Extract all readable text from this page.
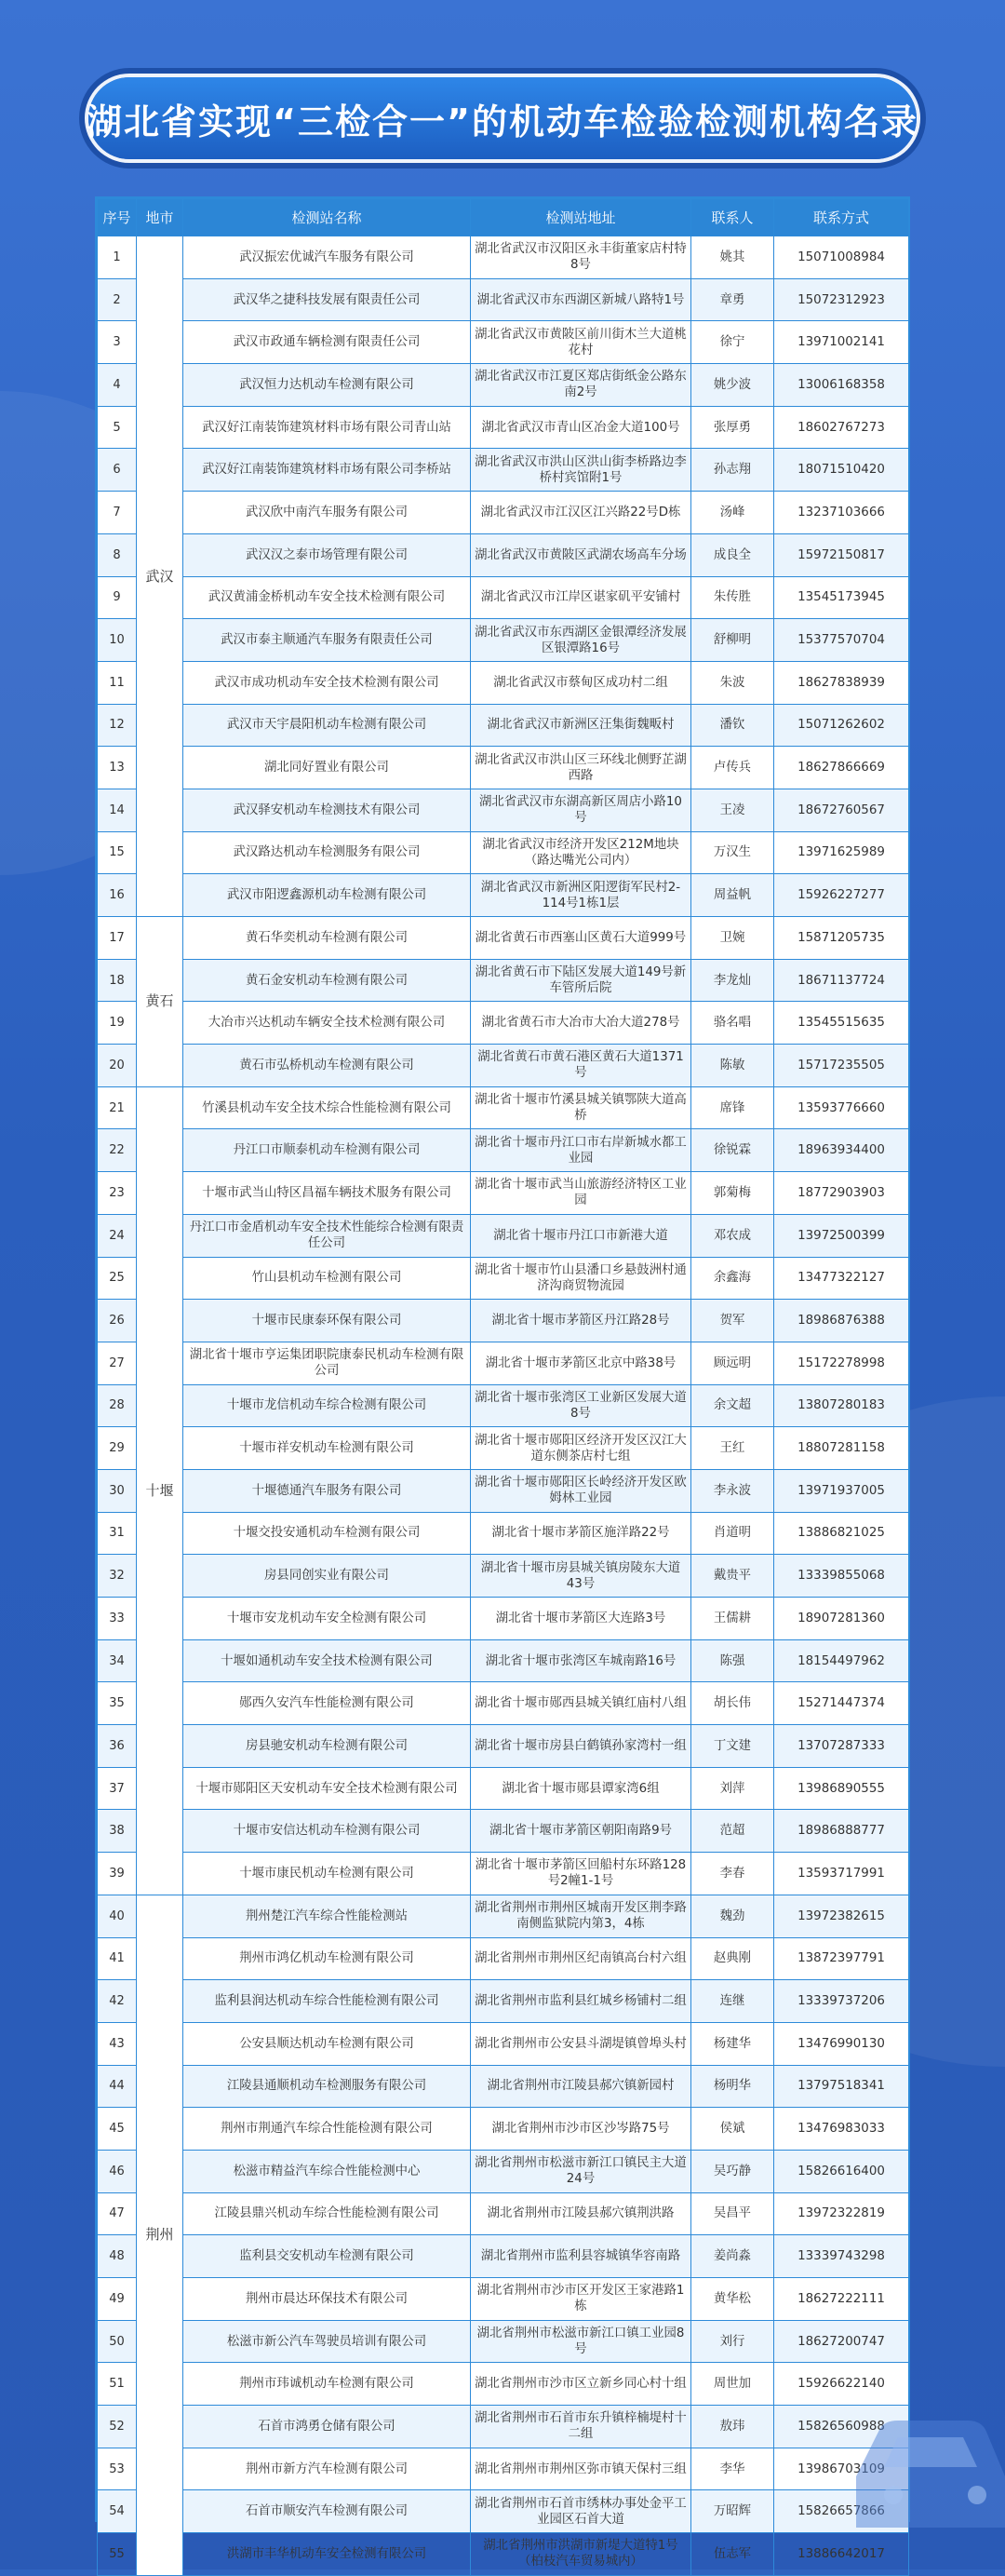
湖北省实现“三检合一”的机动车检验检测机构名录
序号	地市	检测站名称	检测站地址	联系人	联系方式
1	武汉	武汉振宏优诚汽车服务有限公司	湖北省武汉市汉阳区永丰街董家店村特8号	姚其	15071008984
2		武汉华之捷科技发展有限责任公司	湖北省武汉市东西湖区新城八路特1号	章勇	15072312923
3		武汉市政通车辆检测有限责任公司	湖北省武汉市黄陂区前川街木兰大道桃花村	徐宁	13971002141
4		武汉恒力达机动车检测有限公司	湖北省武汉市江夏区郑店街纸金公路东南2号	姚少波	13006168358
5		武汉好江南装饰建筑材料市场有限公司青山站	湖北省武汉市青山区冶金大道100号	张厚勇	18602767273
6		武汉好江南装饰建筑材料市场有限公司李桥站	湖北省武汉市洪山区洪山街李桥路边李桥村宾馆附1号	孙志翔	18071510420
7		武汉欣中南汽车服务有限公司	湖北省武汉市江汉区江兴路22号D栋	汤峰	13237103666
8		武汉汉之泰市场管理有限公司	湖北省武汉市黄陂区武湖农场高车分场	成良全	15972150817
9		武汉黄浦金桥机动车安全技术检测有限公司	湖北省武汉市江岸区谌家矶平安铺村	朱传胜	13545173945
10		武汉市泰主顺通汽车服务有限责任公司	湖北省武汉市东西湖区金银潭经济发展区银潭路16号	舒柳明	15377570704
11		武汉市成功机动车安全技术检测有限公司	湖北省武汉市蔡甸区成功村二组	朱波	18627838939
12		武汉市天宇晨阳机动车检测有限公司	湖北省武汉市新洲区汪集街魏畈村	潘钦	15071262602
13		湖北同好置业有限公司	湖北省武汉市洪山区三环线北侧野芷湖西路	卢传兵	18627866669
14		武汉驿安机动车检测技术有限公司	湖北省武汉市东湖高新区周店小路10号	王凌	18672760567
15		武汉路达机动车检测服务有限公司	湖北省武汉市经济开发区212M地块（路达嘴光公司内）	万汉生	13971625989
16		武汉市阳逻鑫源机动车检测有限公司	湖北省武汉市新洲区阳逻街军民村2-114号1栋1层	周益帆	15926227277
17	黄石	黄石华奕机动车检测有限公司	湖北省黄石市西塞山区黄石大道999号	卫婉	15871205735
18		黄石金安机动车检测有限公司	湖北省黄石市下陆区发展大道149号新车管所后院	李龙灿	18671137724
19		大冶市兴达机动车辆安全技术检测有限公司	湖北省黄石市大冶市大冶大道278号	骆名唱	13545515635
20		黄石市弘桥机动车检测有限公司	湖北省黄石市黄石港区黄石大道1371号	陈敏	15717235505
21	十堰	竹溪县机动车安全技术综合性能检测有限公司	湖北省十堰市竹溪县城关镇鄂陕大道高桥	席锋	13593776660
22		丹江口市顺泰机动车检测有限公司	湖北省十堰市丹江口市右岸新城水都工业园	徐锐霖	18963934400
23		十堰市武当山特区昌福车辆技术服务有限公司	湖北省十堰市武当山旅游经济特区工业园	郭菊梅	18772903903
24		丹江口市金盾机动车安全技术性能综合检测有限责任公司	湖北省十堰市丹江口市新港大道	邓农成	13972500399
25		竹山县机动车检测有限公司	湖北省十堰市竹山县潘口乡悬鼓洲村通济沟商贸物流园	余鑫海	13477322127
26		十堰市民康泰环保有限公司	湖北省十堰市茅箭区丹江路28号	贺军	18986876388
27		湖北省十堰市亨运集团职院康泰民机动车检测有限公司	湖北省十堰市茅箭区北京中路38号	顾远明	15172278998
28		十堰市龙信机动车综合检测有限公司	湖北省十堰市张湾区工业新区发展大道8号	余文超	13807280183
29		十堰市祥安机动车检测有限公司	湖北省十堰市郧阳区经济开发区汉江大道东侧茶店村七组	王红	18807281158
30		十堰德通汽车服务有限公司	湖北省十堰市郧阳区长岭经济开发区欧姆林工业园	李永波	13971937005
31		十堰交投安通机动车检测有限公司	湖北省十堰市茅箭区施洋路22号	肖道明	13886821025
32		房县同创实业有限公司	湖北省十堰市房县城关镇房陵东大道43号	戴贵平	13339855068
33		十堰市安龙机动车安全检测有限公司	湖北省十堰市茅箭区大连路3号	王儒耕	18907281360
34		十堰如通机动车安全技术检测有限公司	湖北省十堰市张湾区车城南路16号	陈强	18154497962
35		郧西久安汽车性能检测有限公司	湖北省十堰市郧西县城关镇红庙村八组	胡长伟	15271447374
36		房县驰安机动车检测有限公司	湖北省十堰市房县白鹤镇孙家湾村一组	丁文建	13707287333
37		十堰市郧阳区天安机动车安全技术检测有限公司	湖北省十堰市郧县谭家湾6组	刘萍	13986890555
38		十堰市安信达机动车检测有限公司	湖北省十堰市茅箭区朝阳南路9号	范超	18986888777
39		十堰市康民机动车检测有限公司	湖北省十堰市茅箭区回船村东环路128号2幢1-1号	李春	13593717991
40	荆州	荆州楚江汽车综合性能检测站	湖北省荆州市荆州区城南开发区荆李路南侧监狱院内第3，4栋	魏劲	13972382615
41		荆州市鸿亿机动车检测有限公司	湖北省荆州市荆州区纪南镇高台村六组	赵典刚	13872397791
42		监利县润达机动车综合性能检测有限公司	湖北省荆州市监利县红城乡杨铺村二组	连继	13339737206
43		公安县顺达机动车检测有限公司	湖北省荆州市公安县斗湖堤镇曾埠头村	杨建华	13476990130
44		江陵县通顺机动车检测服务有限公司	湖北省荆州市江陵县郝穴镇新园村	杨明华	13797518341
45		荆州市荆通汽车综合性能检测有限公司	湖北省荆州市沙市区沙岑路75号	侯斌	13476983033
46		松滋市精益汽车综合性能检测中心	湖北省荆州市松滋市新江口镇民主大道24号	吴巧静	15826616400
47		江陵县鼎兴机动车综合性能检测有限公司	湖北省荆州市江陵县郝穴镇荆洪路	吴昌平	13972322819
48		监利县交安机动车检测有限公司	湖北省荆州市监利县容城镇华容南路	姜尚淼	13339743298
49		荆州市晨达环保技术有限公司	湖北省荆州市沙市区开发区王家港路1栋	黄华松	18627222111
50		松滋市新公汽车驾驶员培训有限公司	湖北省荆州市松滋市新江口镇工业园8号	刘行	18627200747
51		荆州市玮诚机动车检测有限公司	湖北省荆州市沙市区立新乡同心村十组	周世加	15926622140
52		石首市鸿勇仓储有限公司	湖北省荆州市石首市东升镇梓楠堤村十二组	敖玮	15826560988
53		荆州市新方汽车检测有限公司	湖北省荆州市荆州区弥市镇天保村三组	李华	13986703109
54		石首市顺安汽车检测有限公司	湖北省荆州市石首市绣林办事处金平工业园区石首大道	万昭辉	15826657866
55		洪湖市丰华机动车安全检测有限公司	湖北省荆州市洪湖市新堤大道特1号（柏枝汽车贸易城内）	伍志军	13886642017
